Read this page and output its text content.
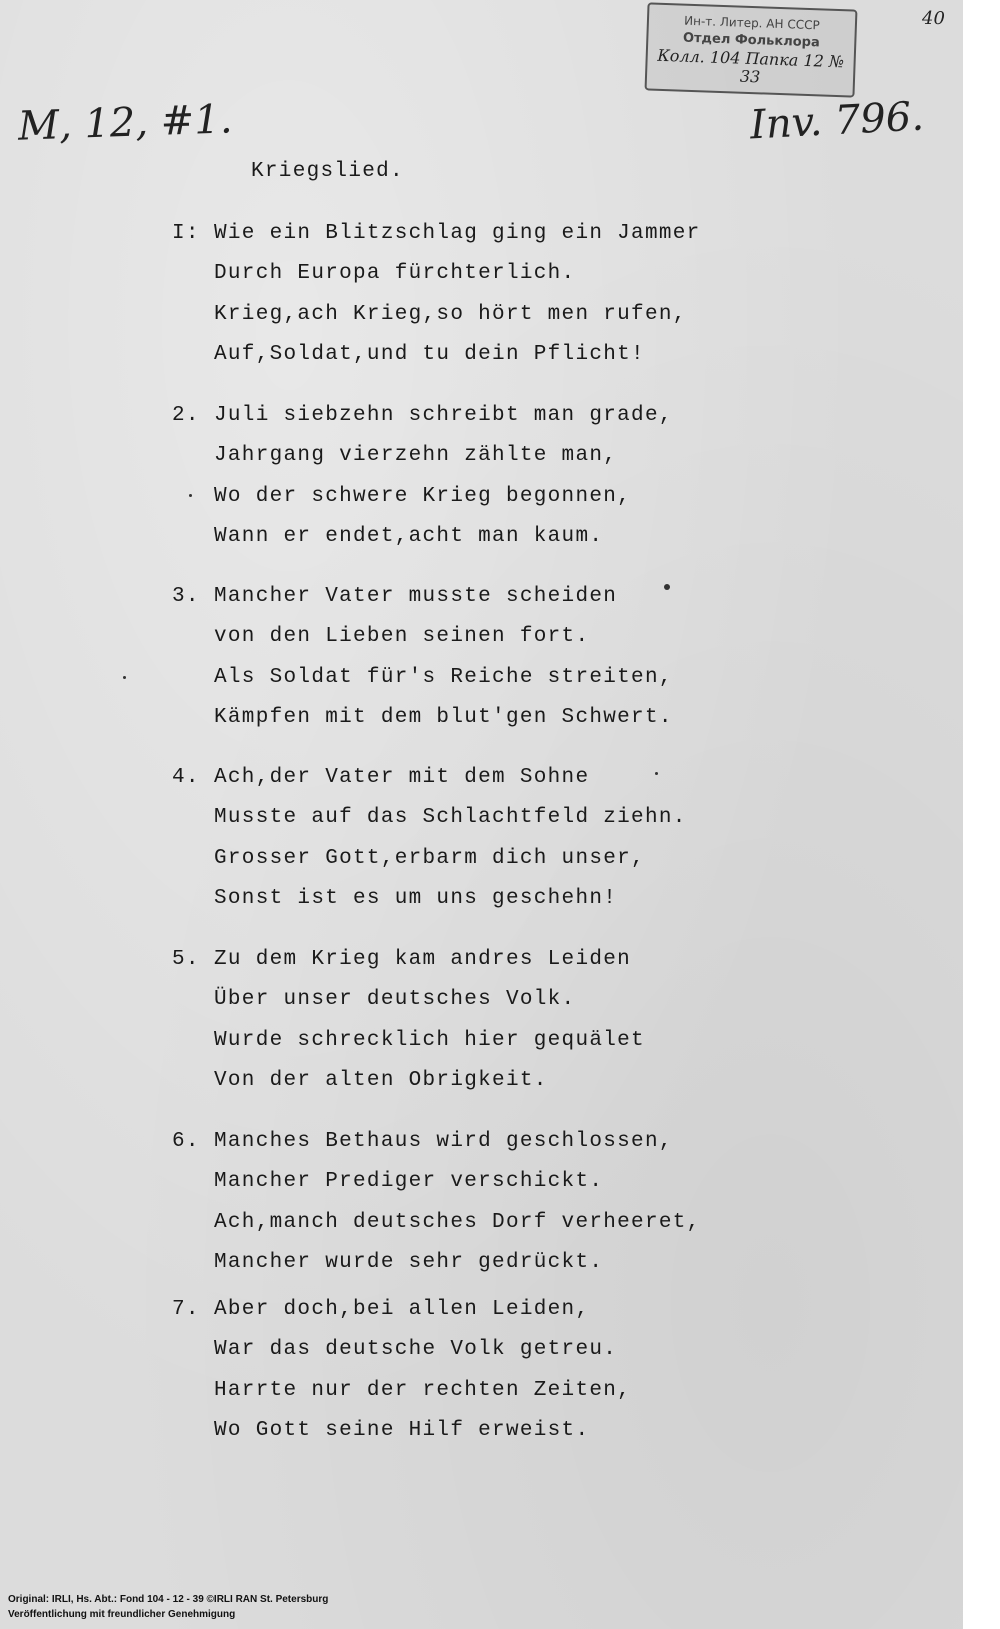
40
Ин-т. Литер. АН СССР
Отдел Фольклора
Колл. 104 Папка 12 № 33
M, 12, #1.	Inv. 796.
Kriegslied.
I: Wie ein Blitzschlag ging ein Jammer
Durch Europa fürchterlich.
Krieg,ach Krieg,so hört men rufen,
Auf,Soldat,und tu dein Pflicht!
2. Juli siebzehn schreibt man grade,
Jahrgang vierzehn zählte man,
Wo der schwere Krieg begonnen,
Wann er endet,acht man kaum.
3. Mancher Vater musste scheiden
von den Lieben seinen fort.
Als Soldat für's Reiche streiten,
Kämpfen mit dem blut'gen Schwert.
4. Ach,der Vater mit dem Sohne
Musste auf das Schlachtfeld ziehn.
Grosser Gott,erbarm dich unser,
Sonst ist es um uns geschehn!
5. Zu dem Krieg kam andres Leiden
Über unser deutsches Volk.
Wurde schrecklich hier gequälet
Von der alten Obrigkeit.
6. Manches Bethaus wird geschlossen,
Mancher Prediger verschickt.
Ach,manch deutsches Dorf verheeret,
Mancher wurde sehr gedrückt.
7. Aber doch,bei allen Leiden,
War das deutsche Volk getreu.
Harrte nur der rechten Zeiten,
Wo Gott seine Hilf erweist.
Original: IRLI, Hs. Abt.: Fond 104 - 12 - 39 ©IRLI RAN St. Petersburg
Veröffentlichung mit freundlicher Genehmigung
